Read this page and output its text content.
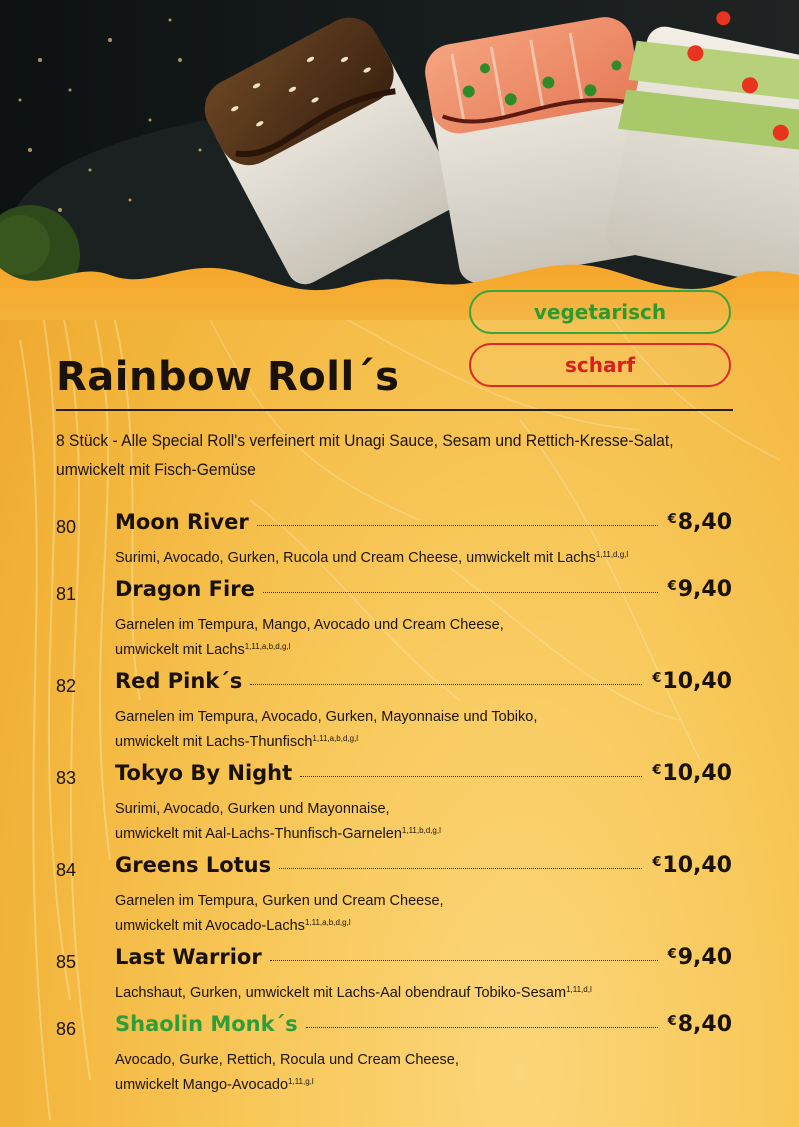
vegetarisch
scharf
Rainbow Roll´s
8 Stück - Alle Special Roll's verfeinert mit Unagi Sauce, Sesam und Rettich-Kresse-Salat,
umwickelt mit Fisch-Gemüse
80 Moon River	€8,40
Surimi, Avocado, Gurken, Rucola und Cream Cheese, umwickelt mit Lachs$^{1,11,d,g,l}$
81 Dragon Fire	€9,40
Garnelen im Tempura, Mango, Avocado und Cream Cheese,
umwickelt mit Lachs$^{1,11,a,b,d,g,l}$
82 Red Pink´s	€10,40
Garnelen im Tempura, Avocado, Gurken, Mayonnaise und Tobiko,
umwickelt mit Lachs-Thunfisch$^{1,11,a,b,d,g,l}$
83 Tokyo By Night	€10,40
Surimi, Avocado, Gurken und Mayonnaise,
umwickelt mit Aal-Lachs-Thunfisch-Garnelen$^{1,11,b,d,g,l}$
84 Greens Lotus	€10,40
Garnelen im Tempura, Gurken und Cream Cheese,
umwickelt mit Avocado-Lachs$^{1,11,a,b,d,g,l}$
85 Last Warrior	€9,40
Lachshaut, Gurken, umwickelt mit Lachs-Aal obendrauf Tobiko-Sesam$^{1,11,d,l}$
86 Shaolin Monk´s	€8,40
Avocado, Gurke, Rettich, Rocula und Cream Cheese,
umwickelt Mango-Avocado$^{1,11,g,l}$
